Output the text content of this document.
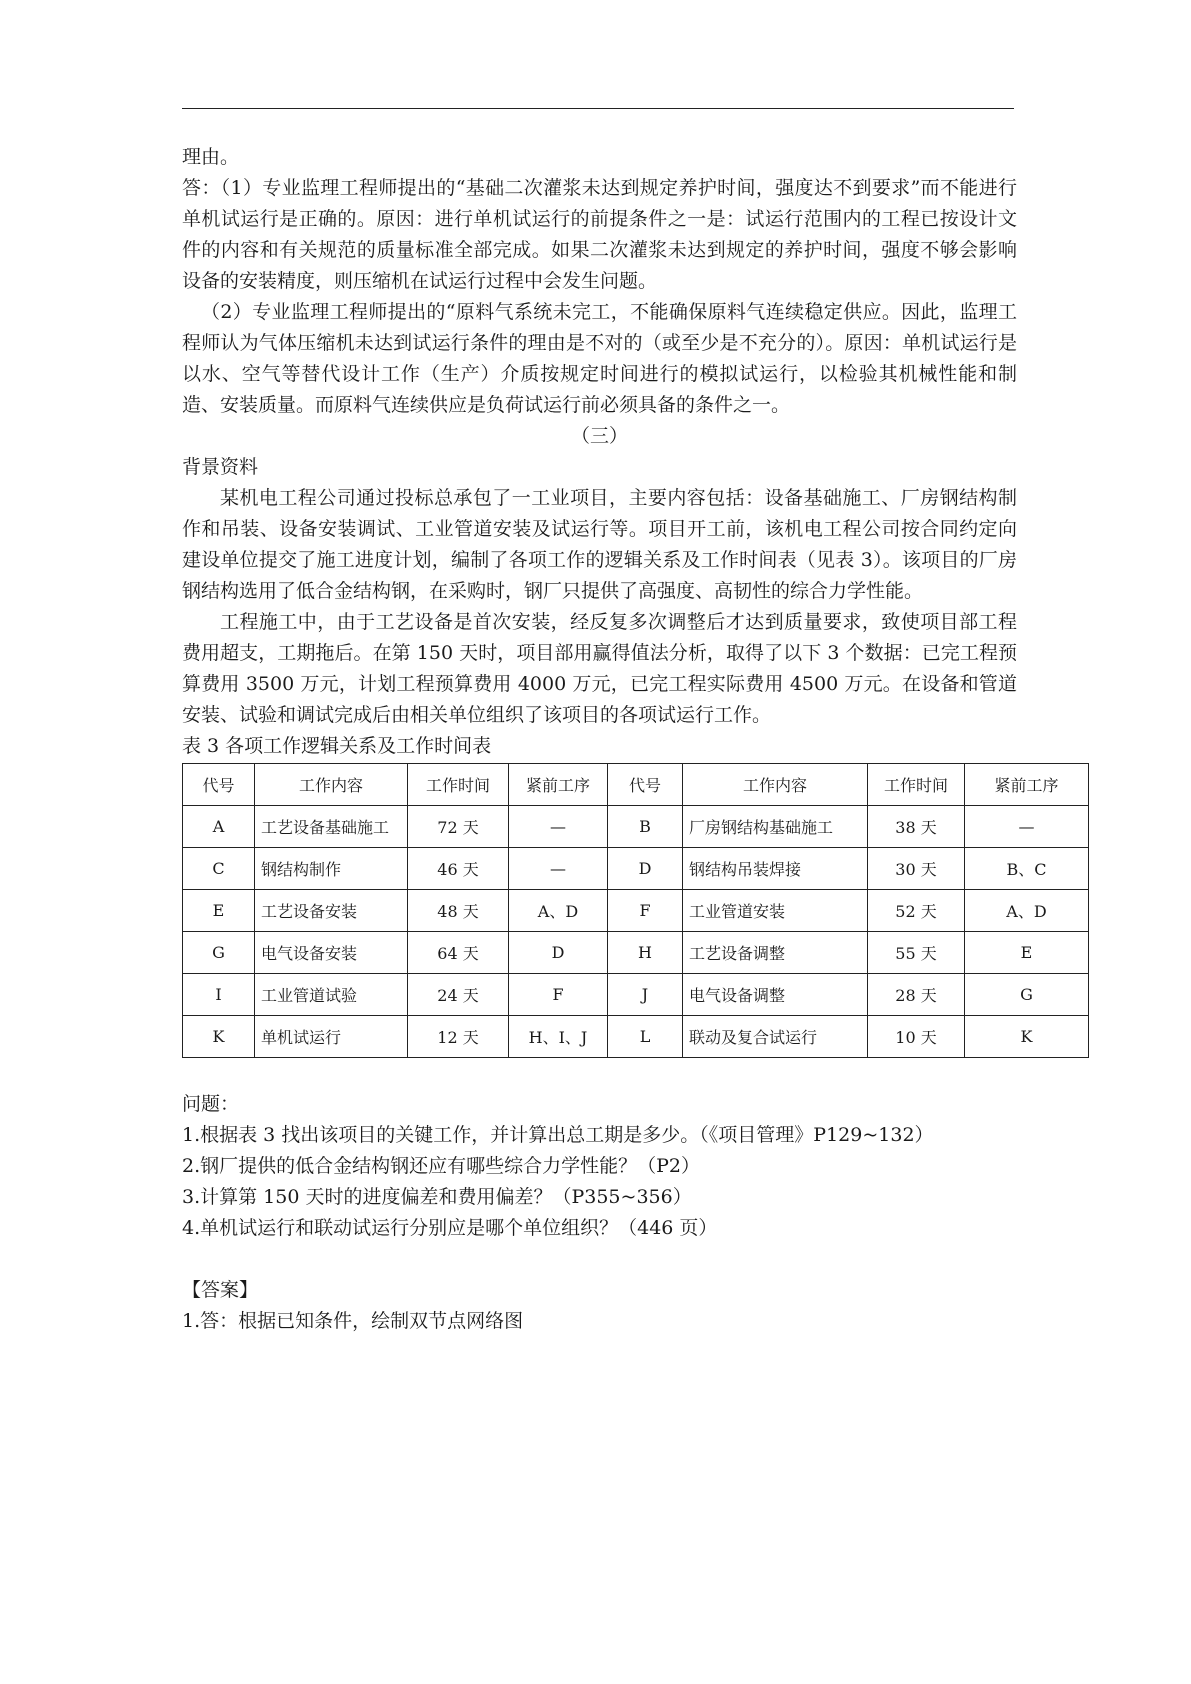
理由。
答：（1）专业监理工程师提出的“基础二次灌浆未达到规定养护时间，强度达不到要求”而不能进行单机试运行是正确的。原因：进行单机试运行的前提条件之一是：试运行范围内的工程已按设计文件的内容和有关规范的质量标准全部完成。如果二次灌浆未达到规定的养护时间，强度不够会影响设备的安装精度，则压缩机在试运行过程中会发生问题。
（2）专业监理工程师提出的“原料气系统未完工，不能确保原料气连续稳定供应。因此，监理工程师认为气体压缩机未达到试运行条件的理由是不对的（或至少是不充分的）。原因：单机试运行是以水、空气等替代设计工作（生产）介质按规定时间进行的模拟试运行，以检验其机械性能和制造、安装质量。而原料气连续供应是负荷试运行前必须具备的条件之一。
（三）
背景资料
某机电工程公司通过投标总承包了一工业项目，主要内容包括：设备基础施工、厂房钢结构制作和吊装、设备安装调试、工业管道安装及试运行等。项目开工前，该机电工程公司按合同约定向建设单位提交了施工进度计划，编制了各项工作的逻辑关系及工作时间表（见表 3）。该项目的厂房钢结构选用了低合金结构钢，在采购时，钢厂只提供了高强度、高韧性的综合力学性能。
工程施工中，由于工艺设备是首次安装，经反复多次调整后才达到质量要求，致使项目部工程费用超支，工期拖后。在第 150 天时，项目部用赢得值法分析，取得了以下 3 个数据：已完工程预算费用 3500 万元，计划工程预算费用 4000 万元，已完工程实际费用 4500 万元。在设备和管道安装、试验和调试完成后由相关单位组织了该项目的各项试运行工作。
表 3 各项工作逻辑关系及工作时间表
代号	工作内容	工作时间	紧前工序	代号	工作内容	工作时间	紧前工序
A	工艺设备基础施工	72 天	—	B	厂房钢结构基础施工	38 天	—
C	钢结构制作	46 天	—	D	钢结构吊装焊接	30 天	B、C
E	工艺设备安装	48 天	A、D	F	工业管道安装	52 天	A、D
G	电气设备安装	64 天	D	H	工艺设备调整	55 天	E
I	工业管道试验	24 天	F	J	电气设备调整	28 天	G
K	单机试运行	12 天	H、I、J	L	联动及复合试运行	10 天	K
问题：
1.根据表 3 找出该项目的关键工作，并计算出总工期是多少。（《项目管理》P129~132）
2.钢厂提供的低合金结构钢还应有哪些综合力学性能？（P2）
3.计算第 150 天时的进度偏差和费用偏差？（P355~356）
4.单机试运行和联动试运行分别应是哪个单位组织？（446 页）
【答案】
1.答：根据已知条件，绘制双节点网络图
